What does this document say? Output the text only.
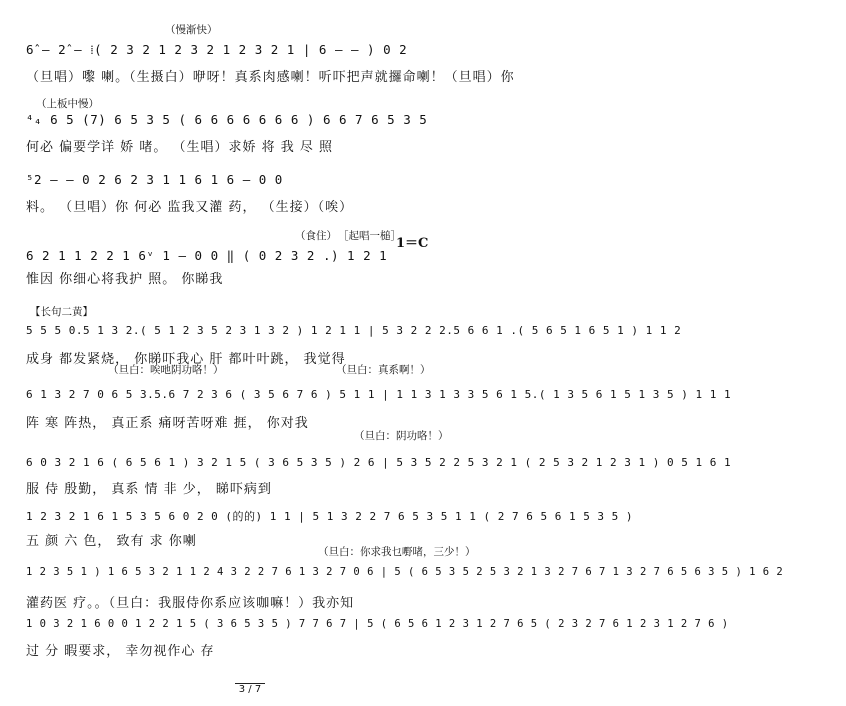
（慢渐快）
（上板中慢）
（食住） ［起唱一槌］
1＝C
【长句二黄】
6̂ – 2̂ – ⁞( 2 3 2 1 2 3 2 1 2 3 2 1 | 6 – – ) 0 2
（旦唱）嚟 喇。（生摄白）咿呀！真系肉感喇！听吓把声就攞命喇！（旦唱）你
⁴₄ 6 5 (7) 6 5 3 5 ( 6 6 6 6 6 6 6 ) 6 6 7 6 5 3 5
何必 偏要学详 娇 啫。 （生唱）求娇 将 我 尽 照
⁵2 – – 0 2 6 2 3 1 1 6 1 6 – 0 0
料。 （旦唱）你 何必 监我又灌 药， （生接）（唉）
6 2 1 1 2 2 1 6ᵛ 1 – 0 0 ‖ ( 0 2 3 2 .) 1 2 1
惟因 你细心将我护 照。 你睇我
5 5 5 0.5 1 3 2.( 5 1 2 3 5 2 3 1 3 2 ) 1 2 1 1 | 5 3 2 2 2.5 6 6 1 .( 5 6 5 1 6 5 1 ) 1 1 2
成身 都发紧烧， 你睇吓我心 肝 都叶叶跳， 我觉得
（旦白：唉吔阴功咯！）	（旦白：真系啊！）
6 1 3 2 7 0 6 5 3.5.6 7 2 3 6 ( 3 5 6 7 6 ) 5 1 1 | 1 1 3 1 3 3 5 6 1 5.( 1 3 5 6 1 5 1 3 5 ) 1 1 1
阵 寒 阵热， 真正系 痛呀苦呀难 捱， 你对我
（旦白：阴功咯！）
6 0 3 2 1 6 ( 6 5 6 1 ) 3 2 1 5 ( 3 6 5 3 5 ) 2 6 | 5 3 5 2 2 5 3 2 1 ( 2 5 3 2 1 2 3 1 ) 0 5 1 6 1
服 侍 殷勤， 真系 情 非 少， 睇吓病到
1 2 3 2 1 6 1 5 3 5 6 0 2 0 (的的) 1 1 | 5 1 3 2 2 7 6 5 3 5 1 1 ( 2 7 6 5 6 1 5 3 5 )
五 颜 六 色， 致有 求 你喇
（旦白：你求我乜嘢啫，三少！）
1 2 3 5 1 ) 1 6 5 3 2 1 1 2 4 3 2 2 7 6 1 3 2 7 0 6 | 5 ( 6 5 3 5 2 5 3 2 1 3 2 7 6 7 1 3 2 7 6 5 6 3 5 ) 1 6 2
灌药医 疗。。（旦白：我服侍你系应该咖嘛！）我亦知
1 0 3 2 1 6 0 0 1 2 2 1 5 ( 3 6 5 3 5 ) 7 7 6 7 | 5 ( 6 5 6 1 2 3 1 2 7 6 5 ( 2 3 2 7 6 1 2 3 1 2 7 6 )
过 分 暇要求， 幸勿视作心 存
3 / 7
